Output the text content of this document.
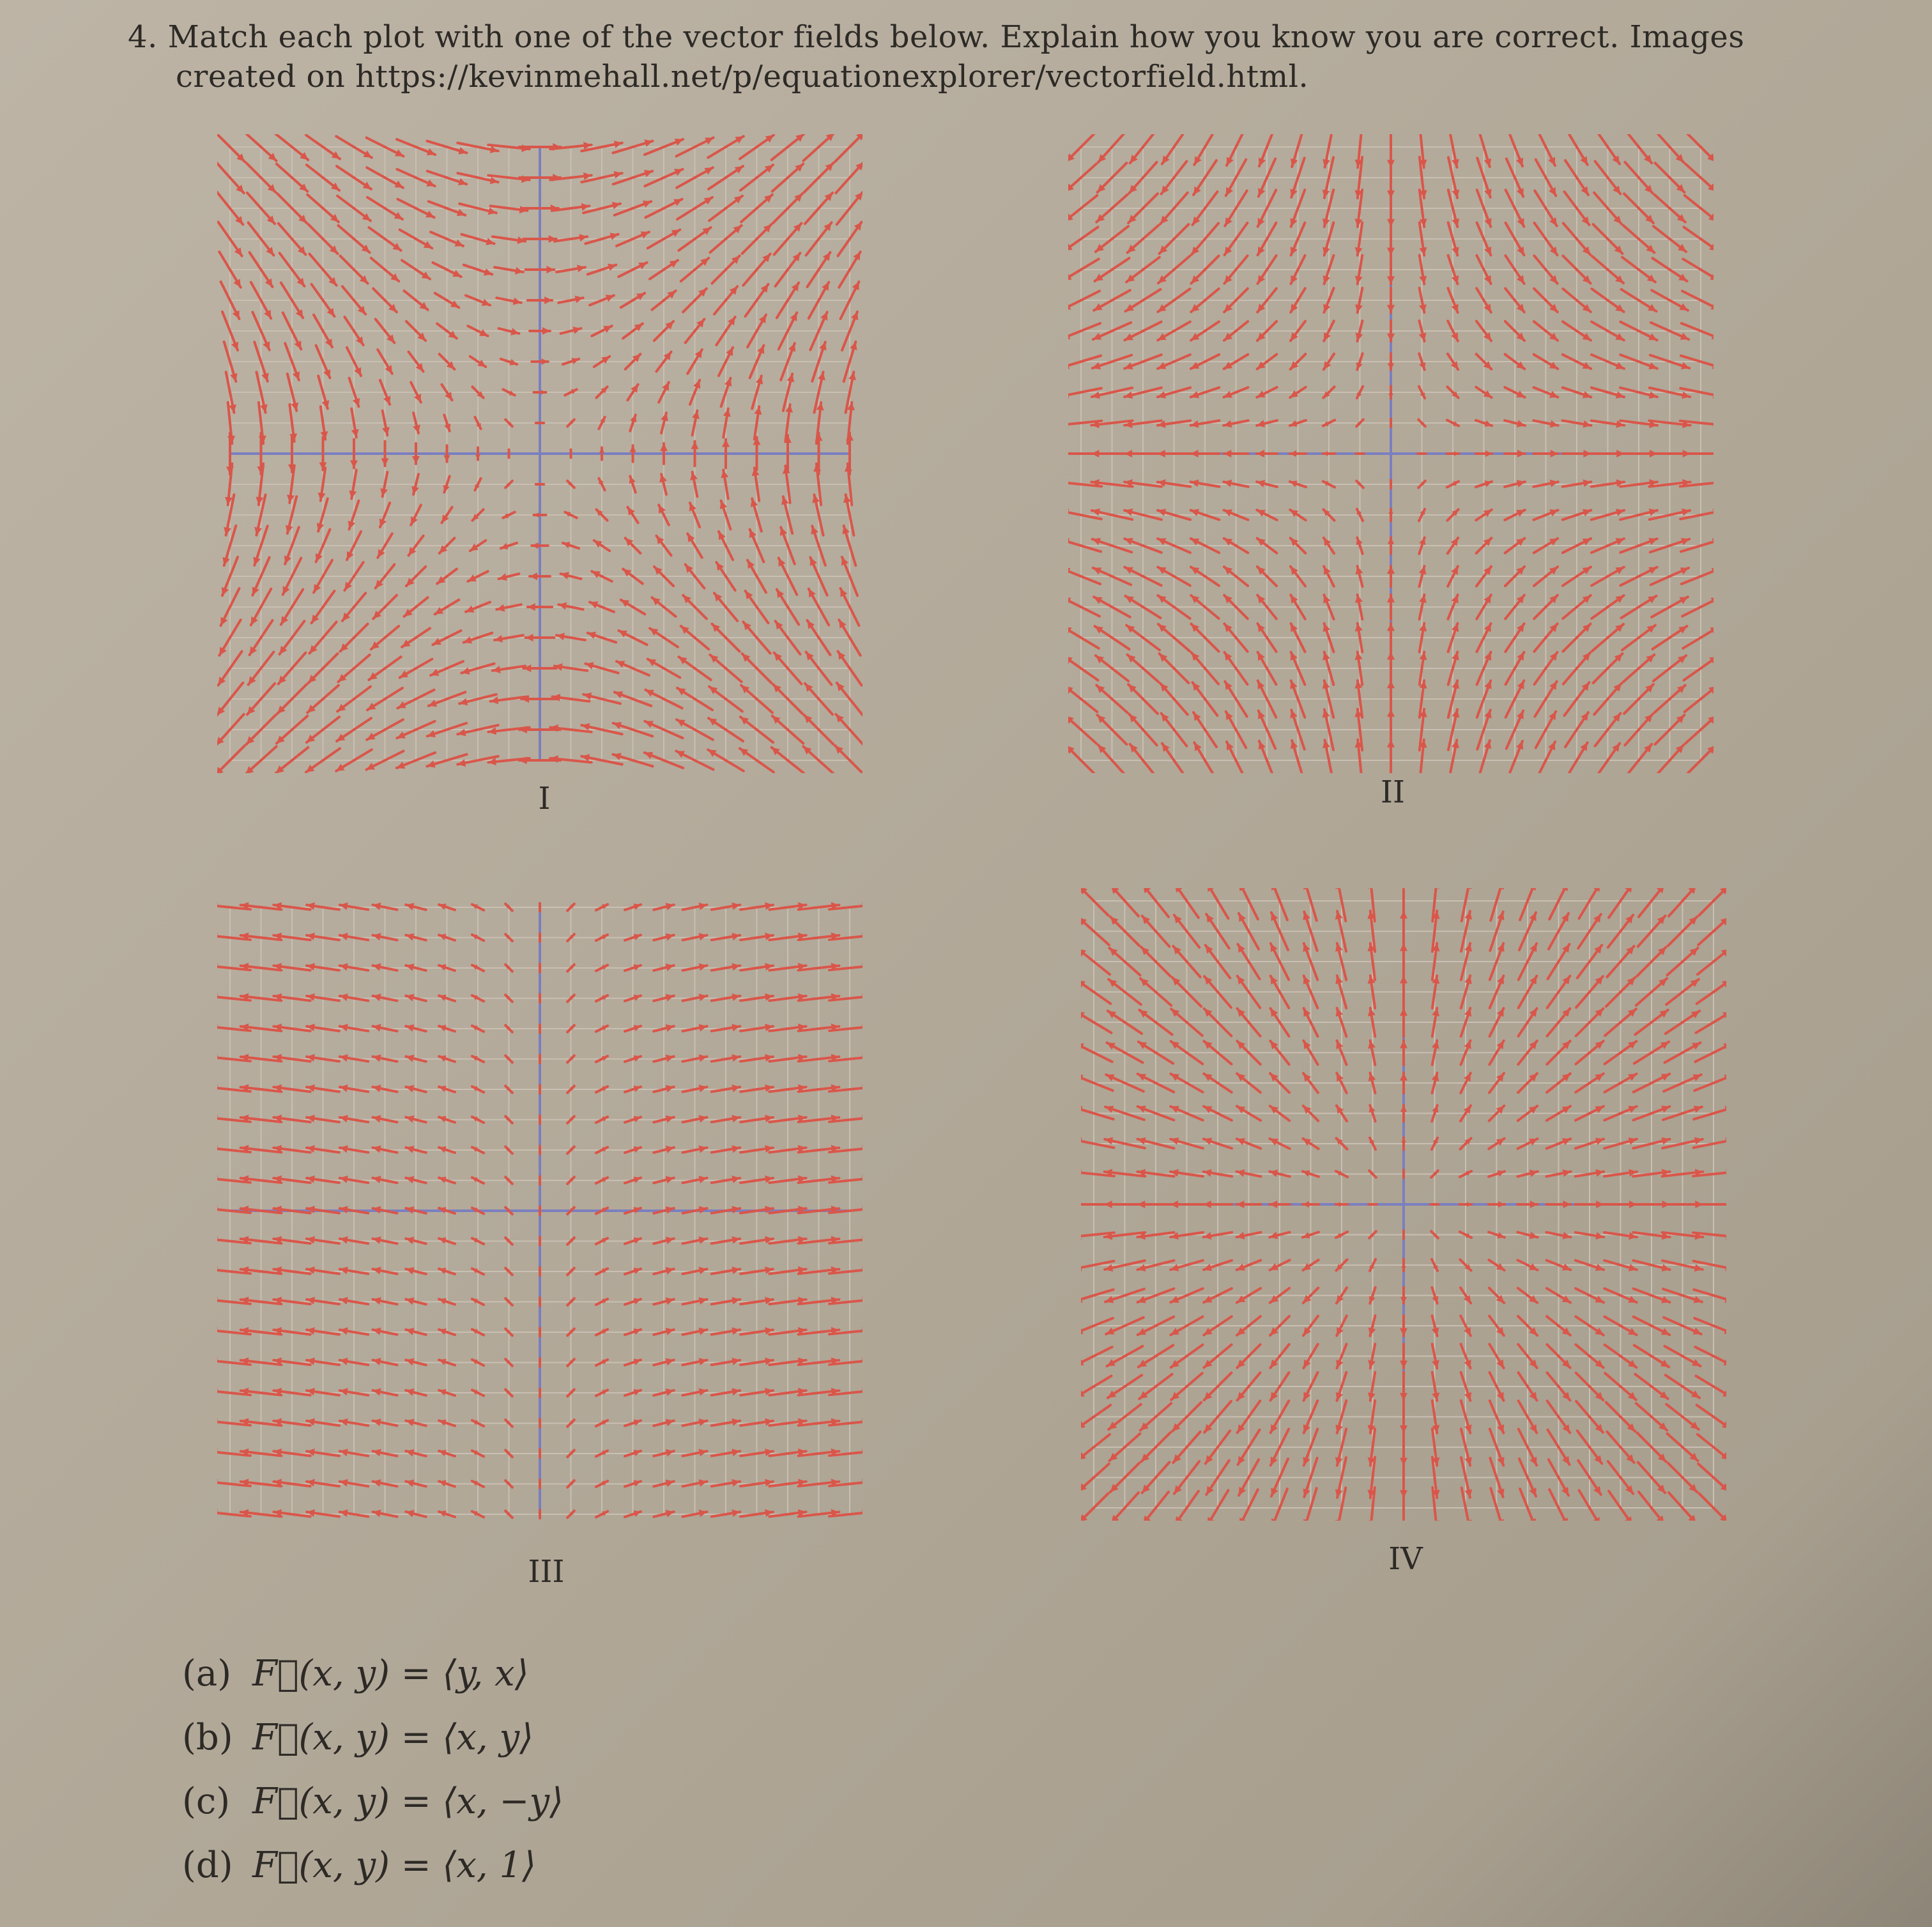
4. Match each plot with one of the vector fields below. Explain how you know you are correct. Images
created on https://kevinmehall.net/p/equationexplorer/vectorfield.html.
I	II
III	IV
(a) F⃗(x, y) = ⟨y, x⟩
(b) F⃗(x, y) = ⟨x, y⟩
(c) F⃗(x, y) = ⟨x, −y⟩
(d) F⃗(x, y) = ⟨x, 1⟩
